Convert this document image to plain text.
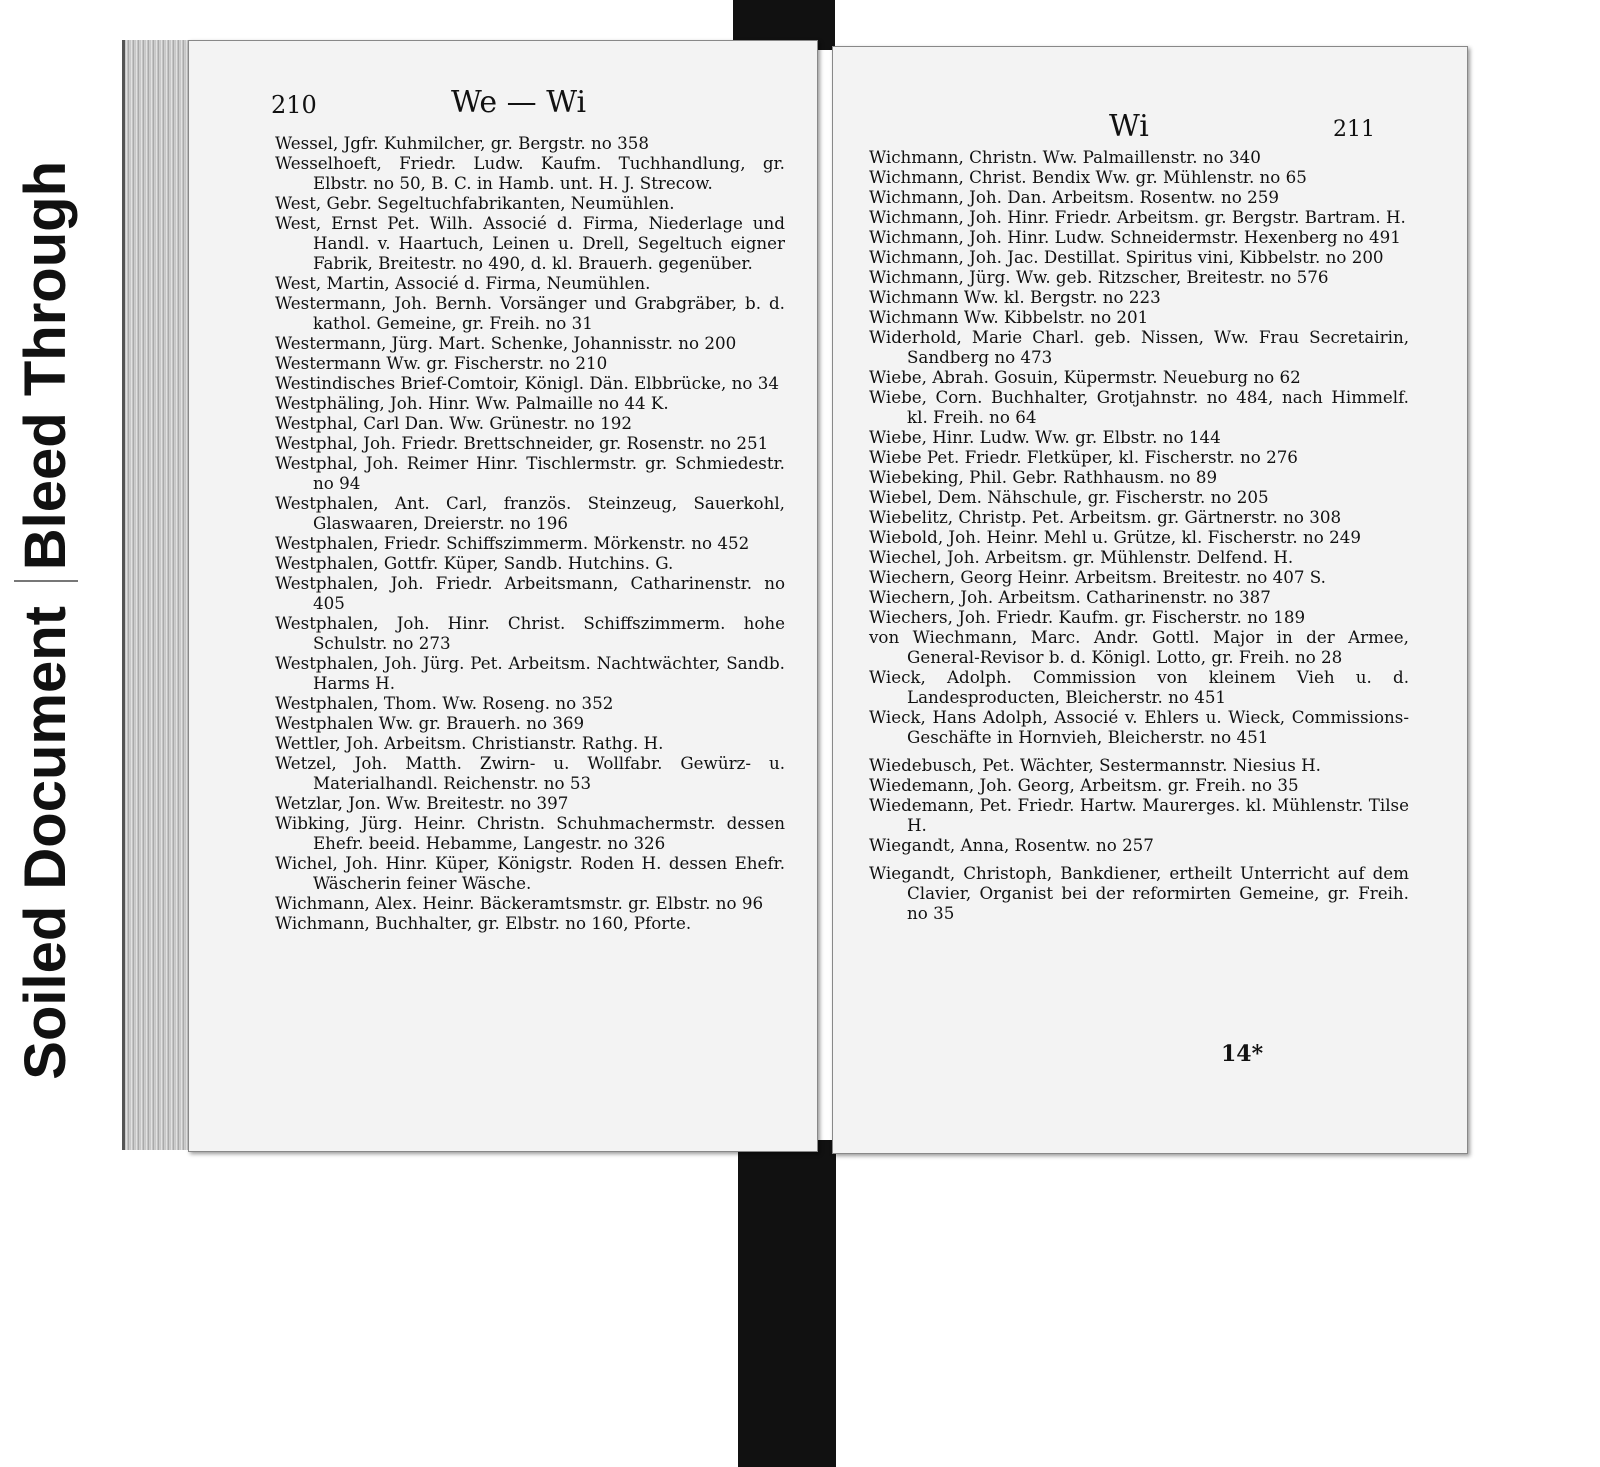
Bleed Through
Soiled Document
210	We — Wi

Wessel, Jgfr. Kuhmilcher, gr. Bergstr. no 358

Wesselhoeft, Friedr. Ludw. Kaufm. Tuchhandlung, gr. Elbstr. no 50, B. C. in Hamb. unt. H. J. Strecow.

West, Gebr. Segeltuchfabrikanten, Neumühlen.

West, Ernst Pet. Wilh. Associé d. Firma, Niederlage und Handl. v. Haartuch, Leinen u. Drell, Segeltuch eigner Fabrik, Breitestr. no 490, d. kl. Brauerh. gegenüber.

West, Martin, Associé d. Firma, Neumühlen.

Westermann, Joh. Bernh. Vorsänger und Grabgräber, b. d. kathol. Gemeine, gr. Freih. no 31

Westermann, Jürg. Mart. Schenke, Johannisstr. no 200

Westermann Ww. gr. Fischerstr. no 210

Westindisches Brief-Comtoir, Königl. Dän. Elbbrücke, no 34

Westphäling, Joh. Hinr. Ww. Palmaille no 44 K.

Westphal, Carl Dan. Ww. Grünestr. no 192

Westphal, Joh. Friedr. Brettschneider, gr. Rosenstr. no 251

Westphal, Joh. Reimer Hinr. Tischlermstr. gr. Schmiedestr. no 94

Westphalen, Ant. Carl, französ. Steinzeug, Sauerkohl, Glaswaaren, Dreierstr. no 196

Westphalen, Friedr. Schiffszimmerm. Mörkenstr. no 452

Westphalen, Gottfr. Küper, Sandb. Hutchins. G.

Westphalen, Joh. Friedr. Arbeitsmann, Catharinenstr. no 405

Westphalen, Joh. Hinr. Christ. Schiffszimmerm. hohe Schulstr. no 273

Westphalen, Joh. Jürg. Pet. Arbeitsm. Nachtwächter, Sandb. Harms H.

Westphalen, Thom. Ww. Roseng. no 352

Westphalen Ww. gr. Brauerh. no 369

Wettler, Joh. Arbeitsm. Christianstr. Rathg. H.

Wetzel, Joh. Matth. Zwirn- u. Wollfabr. Gewürz- u. Materialhandl. Reichenstr. no 53

Wetzlar, Jon. Ww. Breitestr. no 397

Wibking, Jürg. Heinr. Christn. Schuhmachermstr. dessen Ehefr. beeid. Hebamme, Langestr. no 326

Wichel, Joh. Hinr. Küper, Königstr. Roden H. dessen Ehefr. Wäscherin feiner Wäsche.

Wichmann, Alex. Heinr. Bäckeramtsmstr. gr. Elbstr. no 96

Wichmann, Buchhalter, gr. Elbstr. no 160, Pforte.

Wi	211

Wichmann, Christn. Ww. Palmaillenstr. no 340

Wichmann, Christ. Bendix Ww. gr. Mühlenstr. no 65

Wichmann, Joh. Dan. Arbeitsm. Rosentw. no 259

Wichmann, Joh. Hinr. Friedr. Arbeitsm. gr. Bergstr. Bartram. H.

Wichmann, Joh. Hinr. Ludw. Schneidermstr. Hexenberg no 491

Wichmann, Joh. Jac. Destillat. Spiritus vini, Kibbelstr. no 200

Wichmann, Jürg. Ww. geb. Ritzscher, Breitestr. no 576

Wichmann Ww. kl. Bergstr. no 223

Wichmann Ww. Kibbelstr. no 201

Widerhold, Marie Charl. geb. Nissen, Ww. Frau Secretairin, Sandberg no 473

Wiebe, Abrah. Gosuin, Küpermstr. Neueburg no 62

Wiebe, Corn. Buchhalter, Grotjahnstr. no 484, nach Himmelf. kl. Freih. no 64

Wiebe, Hinr. Ludw. Ww. gr. Elbstr. no 144

Wiebe Pet. Friedr. Fletküper, kl. Fischerstr. no 276

Wiebeking, Phil. Gebr. Rathhausm. no 89

Wiebel, Dem. Nähschule, gr. Fischerstr. no 205

Wiebelitz, Christp. Pet. Arbeitsm. gr. Gärtnerstr. no 308

Wiebold, Joh. Heinr. Mehl u. Grütze, kl. Fischerstr. no 249

Wiechel, Joh. Arbeitsm. gr. Mühlenstr. Delfend. H.

Wiechern, Georg Heinr. Arbeitsm. Breitestr. no 407 S.

Wiechern, Joh. Arbeitsm. Catharinenstr. no 387

Wiechers, Joh. Friedr. Kaufm. gr. Fischerstr. no 189

von Wiechmann, Marc. Andr. Gottl. Major in der Armee, General-Revisor b. d. Königl. Lotto, gr. Freih. no 28

Wieck, Adolph. Commission von kleinem Vieh u. d. Landesproducten, Bleicherstr. no 451

Wieck, Hans Adolph, Associé v. Ehlers u. Wieck, Commissions-Geschäfte in Hornvieh, Bleicherstr. no 451

Wiedebusch, Pet. Wächter, Sestermannstr. Niesius H.

Wiedemann, Joh. Georg, Arbeitsm. gr. Freih. no 35

Wiedemann, Pet. Friedr. Hartw. Maurerges. kl. Mühlenstr. Tilse H.

Wiegandt, Anna, Rosentw. no 257

Wiegandt, Christoph, Bankdiener, ertheilt Unterricht auf dem Clavier, Organist bei der reformirten Gemeine, gr. Freih. no 35

14*
